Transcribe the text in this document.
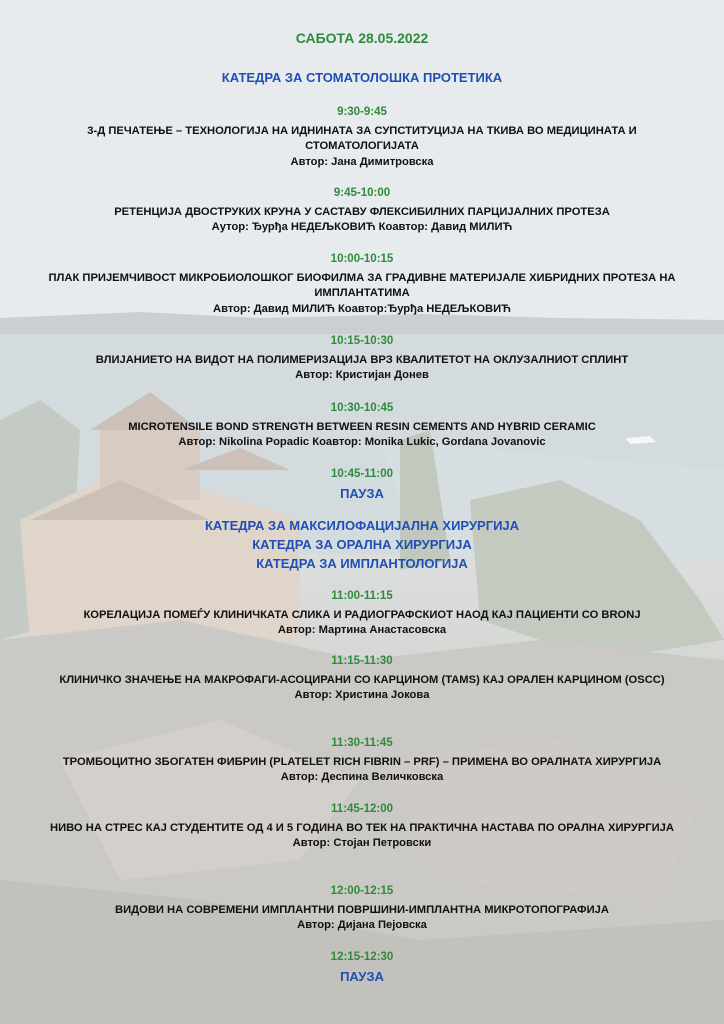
САБОТА 28.05.2022
КАТЕДРА ЗА СТОМАТОЛОШКА ПРОТЕТИКА
9:30-9:45
3-Д ПЕЧАТЕЊЕ – ТЕХНОЛОГИЈА НА ИДНИНАТА ЗА СУПСТИТУЦИЈА НА ТКИВА ВО МЕДИЦИНАТА И СТОМАТОЛОГИЈАТА
Автор: Јана Димитровска
9:45-10:00
РЕТЕНЦИЈА ДВОСТРУКИХ КРУНА У САСТАВУ ФЛЕКСИБИЛНИХ ПАРЦИЈАЛНИХ ПРОТЕЗА
Аутор: Ђурђа НЕДЕЉКОВИЋ Коавтор: Давид МИЛИЋ
10:00-10:15
ПЛАК ПРИЈЕМЧИВОСТ МИКРОБИОЛОШКОГ БИОФИЛМА ЗА ГРАДИВНЕ МАТЕРИЈАЛЕ ХИБРИДНИХ ПРОТЕЗА НА ИМПЛАНТАТИМА
Автор: Давид МИЛИЋ Коавтор:Ђурђа НЕДЕЉКОВИЋ
10:15-10:30
ВЛИЈАНИЕТО НА ВИДОТ НА ПОЛИМЕРИЗАЦИЈА ВРЗ КВАЛИТЕТОТ НА ОКЛУЗАЛНИОТ СПЛИНТ
Автор: Кристијан Донев
10:30-10:45
MICROTENSILE BOND STRENGTH BETWEEN RESIN CEMENTS AND HYBRID CERAMIC
Автор: Nikolina Popadic Коавтор: Monika Lukic, Gordana Jovanovic
10:45-11:00
ПАУЗА
КАТЕДРА ЗА МАКСИЛОФАЦИЈАЛНА ХИРУРГИЈА
КАТЕДРА ЗА ОРАЛНА ХИРУРГИЈА
КАТЕДРА ЗА ИМПЛАНТОЛОГИЈА
11:00-11:15
КОРЕЛАЦИЈА ПОМЕЃУ КЛИНИЧКАТА СЛИКА И РАДИОГРАФСКИОТ НАОД КАЈ ПАЦИЕНТИ СО BRONJ
Автор: Мартина Анастасовска
11:15-11:30
КЛИНИЧКО ЗНАЧЕЊЕ НА МАКРОФАГИ-АСОЦИРАНИ СО КАРЦИНОМ (TAMS) КАЈ ОРАЛЕН КАРЦИНОМ (OSCC)
Автор: Христина Јоковa
11:30-11:45
ТРОМБОЦИТНО ЗБОГАТЕН ФИБРИН (PLATELET RICH FIBRIN – PRF) – ПРИМЕНА ВО ОРАЛНАТА ХИРУРГИЈА
Автор: Деспина Величковска
11:45-12:00
НИВО НА СТРЕС КАЈ СТУДЕНТИТЕ ОД 4 И 5 ГОДИНА ВО ТЕК НА ПРАКТИЧНА НАСТАВА ПО ОРАЛНА ХИРУРГИЈА
Автор: Стојан Петровски
12:00-12:15
ВИДОВИ НА СОВРЕМЕНИ ИМПЛАНТНИ ПОВРШИНИ-ИМПЛАНТНА МИКРОТОПОГРАФИЈА
Автор: Дијана Пејовска
12:15-12:30
ПАУЗА
